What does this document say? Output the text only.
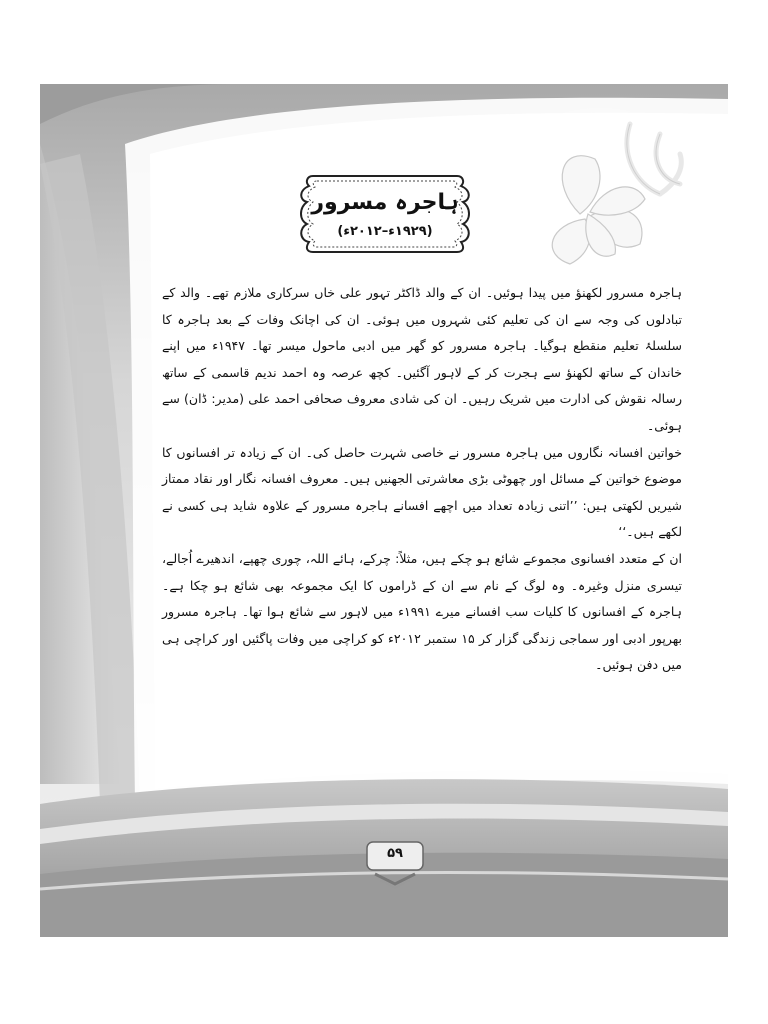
ہاجرہ مسرور
(۱۹۲۹ء–۲۰۱۲ء)

ہاجرہ مسرور لکھنؤ میں پیدا ہوئیں۔ ان کے والد ڈاکٹر تہور علی خاں سرکاری ملازم تھے۔ والد کے تبادلوں کی وجہ سے ان کی تعلیم کئی شہروں میں ہوئی۔ ان کی اچانک وفات کے بعد ہاجرہ کا سلسلۂ تعلیم منقطع ہوگیا۔ ہاجرہ مسرور کو گھر میں ادبی ماحول میسر تھا۔ ۱۹۴۷ء میں اپنے خاندان کے ساتھ لکھنؤ سے ہجرت کر کے لاہور آگئیں۔ کچھ عرصہ وہ احمد ندیم قاسمی کے ساتھ رسالہ نقوش کی ادارت میں شریک رہیں۔ ان کی شادی معروف صحافی احمد علی (مدیر: ڈان) سے ہوئی۔

خواتین افسانہ نگاروں میں ہاجرہ مسرور نے خاصی شہرت حاصل کی۔ ان کے زیادہ تر افسانوں کا موضوع خواتین کے مسائل اور چھوٹی بڑی معاشرتی الجھنیں ہیں۔ معروف افسانہ نگار اور نقاد ممتاز شیریں لکھتی ہیں: ’’اتنی زیادہ تعداد میں اچھے افسانے ہاجرہ مسرور کے علاوہ شاید ہی کسی نے لکھے ہیں۔‘‘

ان کے متعدد افسانوی مجموعے شائع ہو چکے ہیں، مثلاً: چرکے، ہائے اللہ، چوری چھپے، اندھیرے اُجالے، تیسری منزل وغیرہ۔ وہ لوگ کے نام سے ان کے ڈراموں کا ایک مجموعہ بھی شائع ہو چکا ہے۔ ہاجرہ کے افسانوں کا کلیات سب افسانے میرے ۱۹۹۱ء میں لاہور سے شائع ہوا تھا۔ ہاجرہ مسرور بھرپور ادبی اور سماجی زندگی گزار کر ۱۵ ستمبر ۲۰۱۲ء کو کراچی میں وفات پاگئیں اور کراچی ہی میں دفن ہوئیں۔

۵۹
